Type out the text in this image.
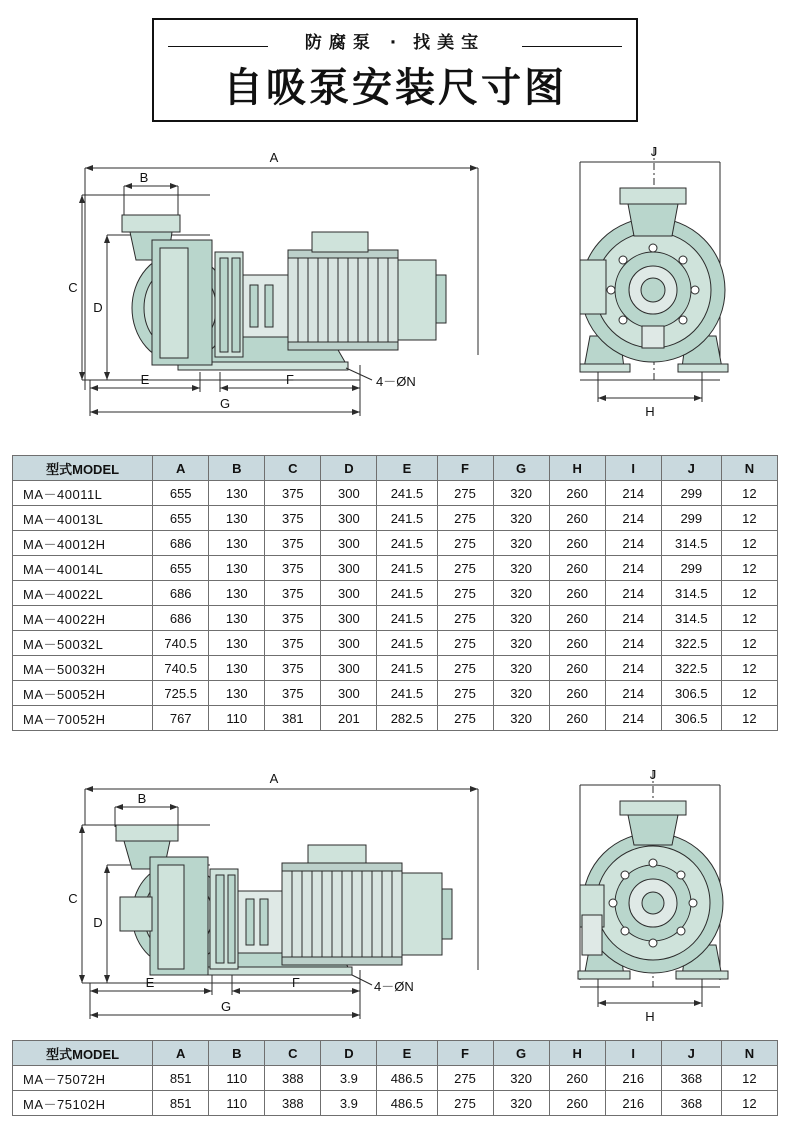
防腐泵 · 找美宝
自吸泵安装尺寸图
A
B
C
D
E	F
G
4－ØN
J
H
型式MODEL	A	B	C	D	E	F	G	H	I	J	N
MA－40011L	655	130	375	300	241.5	275	320	260	214	299	12
MA－40013L	655	130	375	300	241.5	275	320	260	214	299	12
MA－40012H	686	130	375	300	241.5	275	320	260	214	314.5	12
MA－40014L	655	130	375	300	241.5	275	320	260	214	299	12
MA－40022L	686	130	375	300	241.5	275	320	260	214	314.5	12
MA－40022H	686	130	375	300	241.5	275	320	260	214	314.5	12
MA－50032L	740.5	130	375	300	241.5	275	320	260	214	322.5	12
MA－50032H	740.5	130	375	300	241.5	275	320	260	214	322.5	12
MA－50052H	725.5	130	375	300	241.5	275	320	260	214	306.5	12
MA－70052H	767	110	381	201	282.5	275	320	260	214	306.5	12
A
B
C
D
E	F
G
4－ØN
J
H
型式MODEL	A	B	C	D	E	F	G	H	I	J	N
MA－75072H	851	110	388	3.9	486.5	275	320	260	216	368	12
MA－75102H	851	110	388	3.9	486.5	275	320	260	216	368	12
